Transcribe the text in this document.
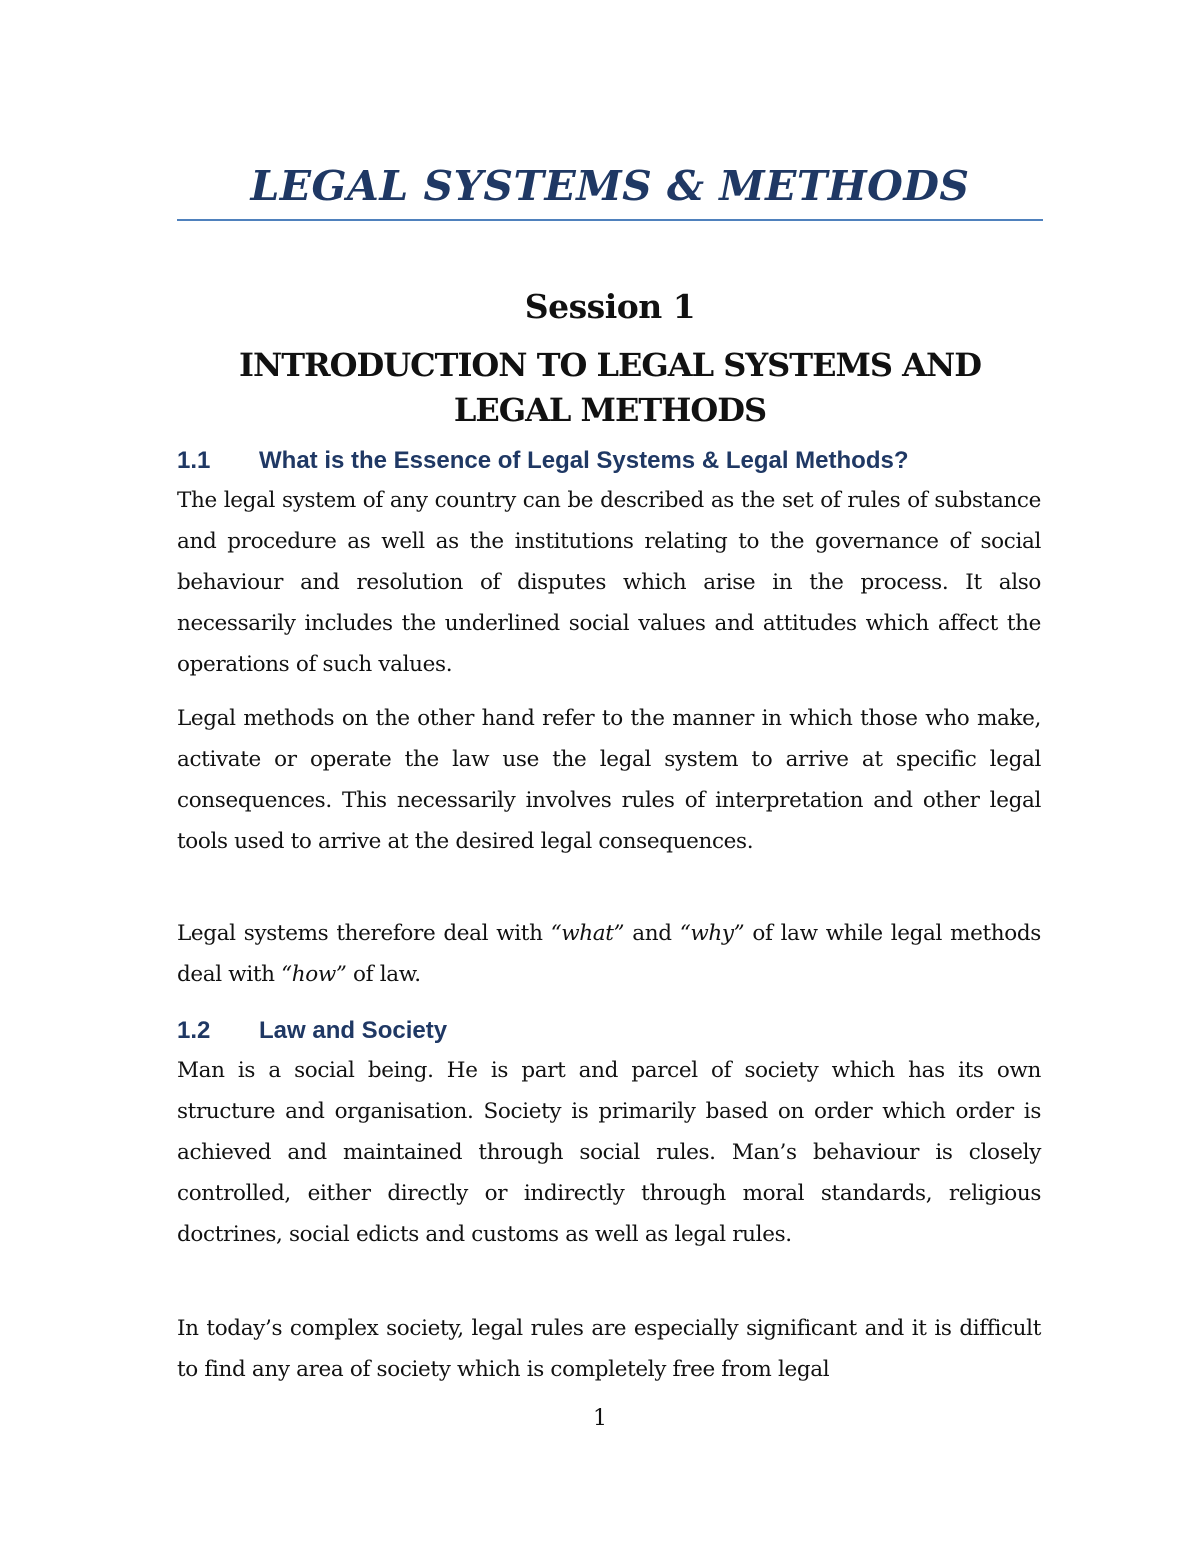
LEGAL SYSTEMS & METHODS
Session 1
INTRODUCTION TO LEGAL SYSTEMS AND LEGAL METHODS
1.1 What is the Essence of Legal Systems & Legal Methods?

The legal system of any country can be described as the set of rules of substance and procedure as well as the institutions relating to the governance of social behaviour and resolution of disputes which arise in the process. It also necessarily includes the underlined social values and attitudes which affect the operations of such values.

Legal methods on the other hand refer to the manner in which those who make, activate or operate the law use the legal system to arrive at specific legal consequences. This necessarily involves rules of interpretation and other legal tools used to arrive at the desired legal consequences.

Legal systems therefore deal with “what” and “why” of law while legal methods deal with “how” of law.

1.2 Law and Society

Man is a social being. He is part and parcel of society which has its own structure and organisation. Society is primarily based on order which order is achieved and maintained through social rules. Man’s behaviour is closely controlled, either directly or indirectly through moral standards, religious doctrines, social edicts and customs as well as legal rules.

In today’s complex society, legal rules are especially significant and it is difficult to find any area of society which is completely free from legal

1
